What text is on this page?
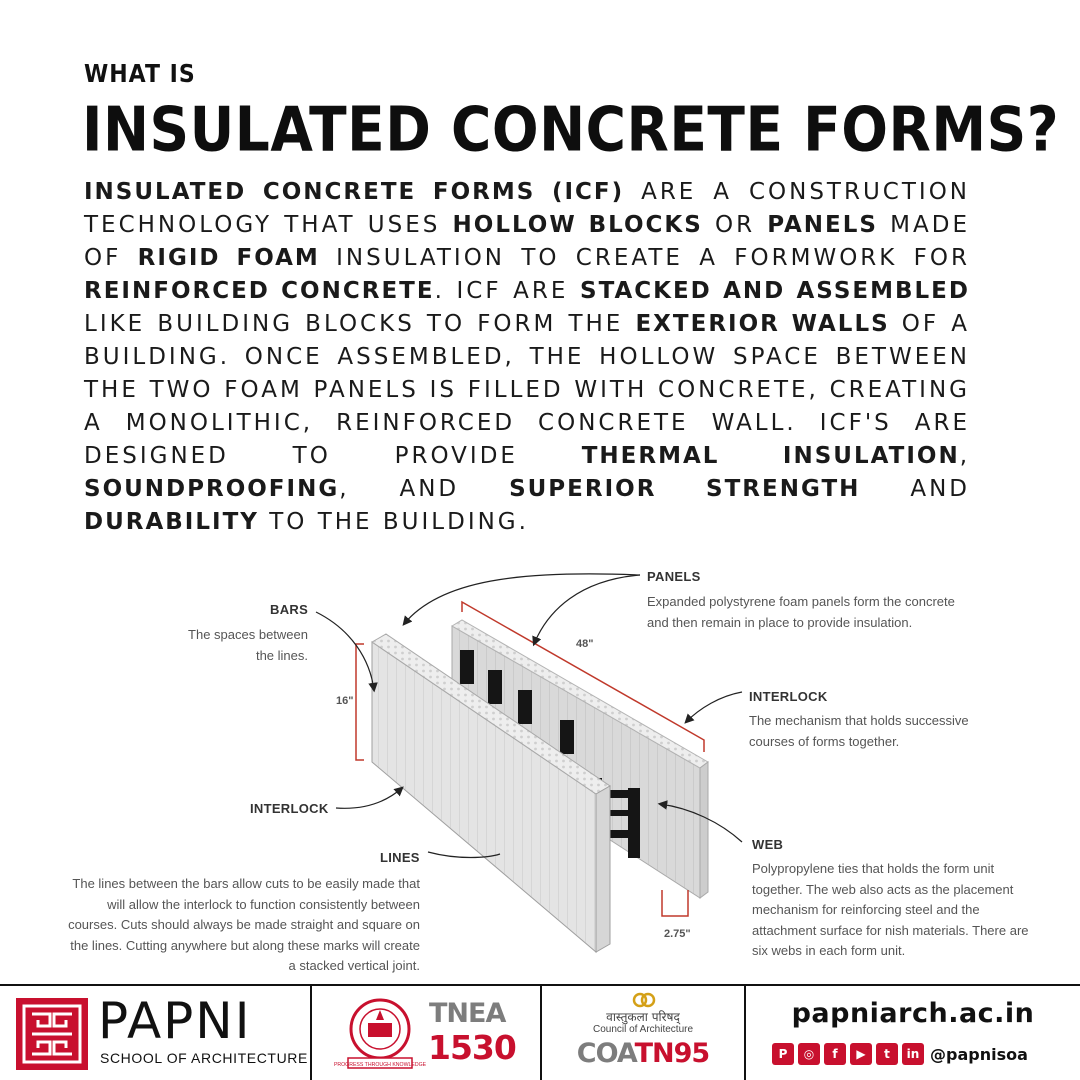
WHAT IS
INSULATED CONCRETE FORMS?

INSULATED CONCRETE FORMS (ICF) ARE A CONSTRUCTION TECHNOLOGY THAT USES HOLLOW BLOCKS OR PANELS MADE OF RIGID FOAM INSULATION TO CREATE A FORMWORK FOR REINFORCED CONCRETE. ICF ARE STACKED AND ASSEMBLED LIKE BUILDING BLOCKS TO FORM THE EXTERIOR WALLS OF A BUILDING. ONCE ASSEMBLED, THE HOLLOW SPACE BETWEEN THE TWO FOAM PANELS IS FILLED WITH CONCRETE, CREATING A MONOLITHIC, REINFORCED CONCRETE WALL. ICF'S ARE DESIGNED TO PROVIDE THERMAL INSULATION, SOUNDPROOFING, AND SUPERIOR STRENGTH AND DURABILITY TO THE BUILDING.

PANELS
Expanded polystyrene foam panels form the concrete
and then remain in place to provide insulation.
BARS
The spaces between
the lines.
INTERLOCK
The mechanism that holds successive
courses of forms together.
INTERLOCK
LINES
The lines between the bars allow cuts to be easily made that
will allow the interlock to function consistently between
courses. Cuts should always be made straight and square on
the lines. Cutting anywhere but along these marks will create
a stacked vertical joint.
WEB
Polypropylene ties that holds the form unit
together. The web also acts as the placement
mechanism for reinforcing steel and the
attachment surface for nish materials. There are
six webs in each form unit.
48"
16"
2.75"
PAPNI
SCHOOL OF ARCHITECTURE	PROGRESS THROUGH KNOWLEDGE
TNEA
1530
वास्तुकला परिषद्
Council of Architecture
COATN95
papniarch.ac.in
P	◎	f	▶	t	in @papnisoa
